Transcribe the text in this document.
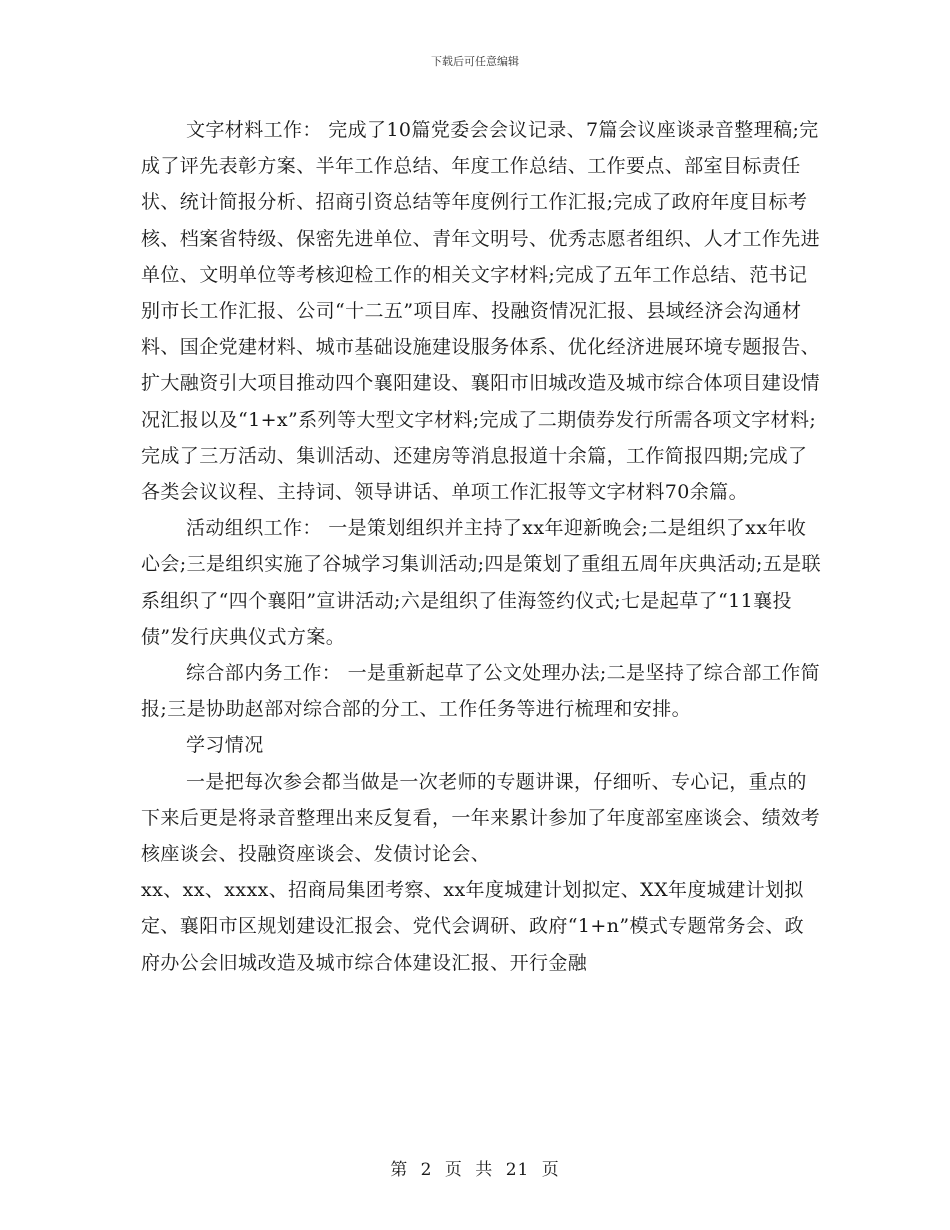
下载后可任意编辑

文字材料工作： 完成了10篇党委会会议记录、7篇会议座谈录音整理稿;完成了评先表彰方案、半年工作总结、年度工作总结、工作要点、部室目标责任状、统计简报分析、招商引资总结等年度例行工作汇报;完成了政府年度目标考核、档案省特级、保密先进单位、青年文明号、优秀志愿者组织、人才工作先进单位、文明单位等考核迎检工作的相关文字材料;完成了五年工作总结、范书记别市长工作汇报、公司“十二五”项目库、投融资情况汇报、县域经济会沟通材料、国企党建材料、城市基础设施建设服务体系、优化经济进展环境专题报告、扩大融资引大项目推动四个襄阳建设、襄阳市旧城改造及城市综合体项目建设情况汇报以及“1+x”系列等大型文字材料;完成了二期债券发行所需各项文字材料;完成了三万活动、集训活动、还建房等消息报道十余篇，工作简报四期;完成了各类会议议程、主持词、领导讲话、单项工作汇报等文字材料70余篇。

活动组织工作： 一是策划组织并主持了xx年迎新晚会;二是组织了xx年收心会;三是组织实施了谷城学习集训活动;四是策划了重组五周年庆典活动;五是联系组织了“四个襄阳”宣讲活动;六是组织了佳海签约仪式;七是起草了“11襄投债”发行庆典仪式方案。

综合部内务工作： 一是重新起草了公文处理办法;二是坚持了综合部工作简报;三是协助赵部对综合部的分工、工作任务等进行梳理和安排。

学习情况

一是把每次参会都当做是一次老师的专题讲课，仔细听、专心记，重点的下来后更是将录音整理出来反复看，一年来累计参加了年度部室座谈会、绩效考核座谈会、投融资座谈会、发债讨论会、

xx、xx、xxxx、招商局集团考察、xx年度城建计划拟定、XX年度城建计划拟定、襄阳市区规划建设汇报会、党代会调研、政府“1+n”模式专题常务会、政府办公会旧城改造及城市综合体建设汇报、开行金融

第 2 页 共 21 页
